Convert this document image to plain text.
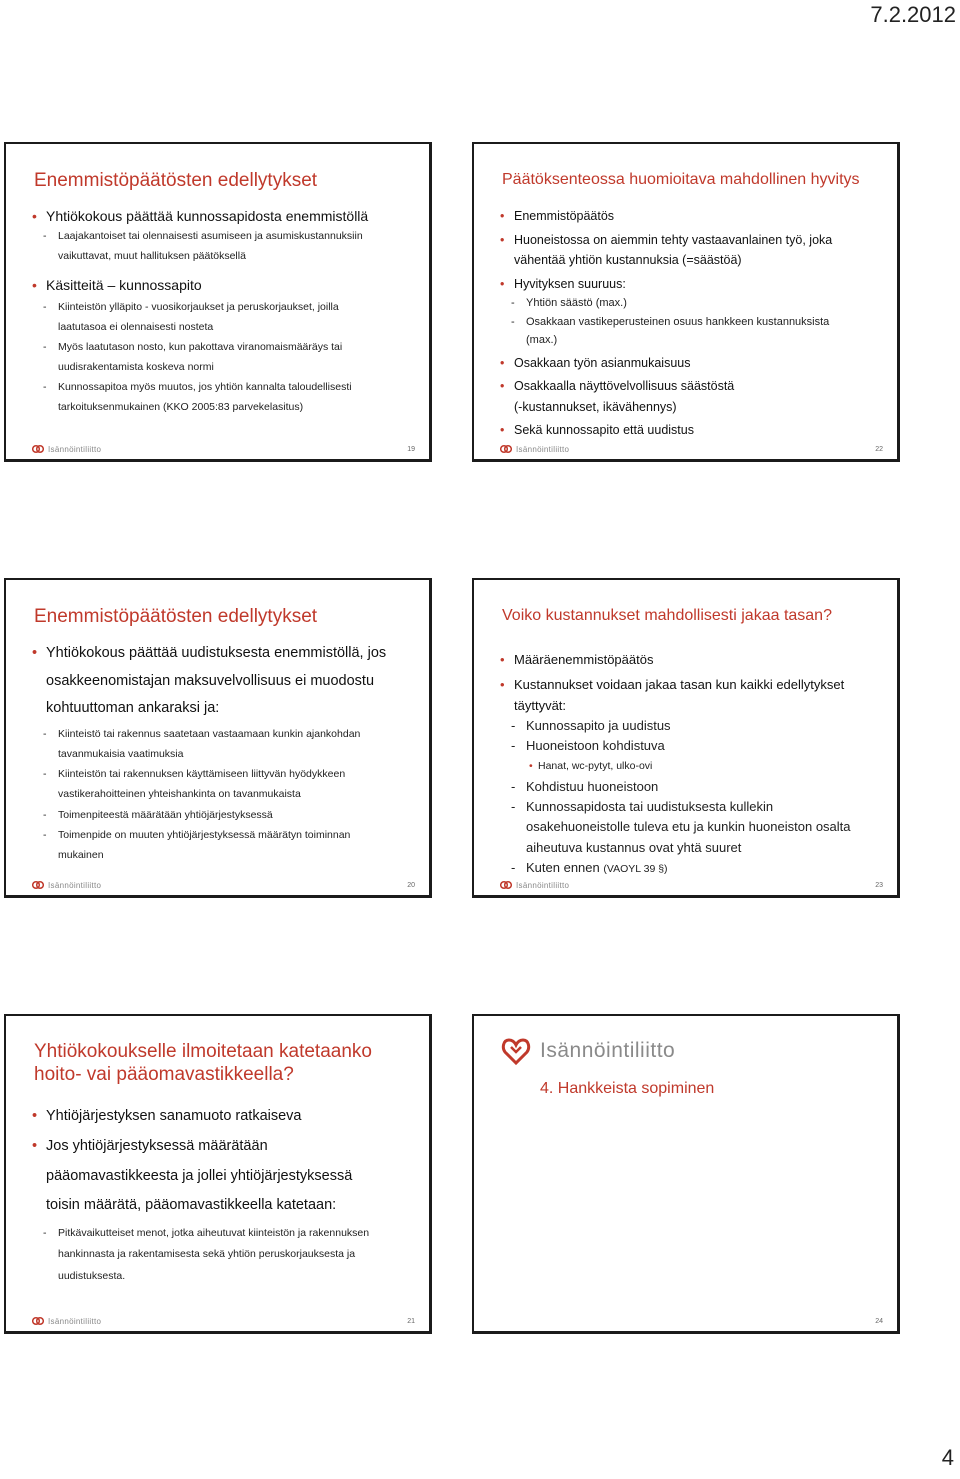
7.2.2012
Enemmistöpäätösten edellytykset
• Yhtiökokous päättää kunnossapidosta enemmistöllä
- Laajakantoiset tai olennaisesti asumiseen ja asumiskustannuksiin
vaikuttavat, muut hallituksen päätöksellä
• Käsitteitä – kunnossapito
- Kiinteistön ylläpito - vuosikorjaukset ja peruskorjaukset, joilla
laatutasoa ei olennaisesti nosteta
- Myös laatutason nosto, kun pakottava viranomaismääräys tai
uudisrakentamista koskeva normi
- Kunnossapitoa myös muutos, jos yhtiön kannalta taloudellisesti
tarkoituksenmukainen (KKO 2005:83 parvekelasitus)
Isännöintiliitto	19
Päätöksenteossa huomioitava mahdollinen hyvitys
• Enemmistöpäätös
• Huoneistossa on aiemmin tehty vastaavanlainen työ, joka
vähentää yhtiön kustannuksia (=säästöä)
• Hyvityksen suuruus:
- Yhtiön säästö (max.)
- Osakkaan vastikeperusteinen osuus hankkeen kustannuksista
(max.)
• Osakkaan työn asianmukaisuus
• Osakkaalla näyttövelvollisuus säästöstä
(-kustannukset, ikävähennys)
• Sekä kunnossapito että uudistus
Isännöintiliitto	22
Enemmistöpäätösten edellytykset
• Yhtiökokous päättää uudistuksesta enemmistöllä, jos
osakkeenomistajan maksuvelvollisuus ei muodostu
kohtuuttoman ankaraksi ja:
- Kiinteistö tai rakennus saatetaan vastaamaan kunkin ajankohdan
tavanmukaisia vaatimuksia
- Kiinteistön tai rakennuksen käyttämiseen liittyvän hyödykkeen
vastikerahoitteinen yhteishankinta on tavanmukaista
- Toimenpiteestä määrätään yhtiöjärjestyksessä
- Toimenpide on muuten yhtiöjärjestyksessä määrätyn toiminnan
mukainen
Isännöintiliitto	20
Voiko kustannukset mahdollisesti jakaa tasan?
• Määräenemmistöpäätös
• Kustannukset voidaan jakaa tasan kun kaikki edellytykset
täyttyvät:
- Kunnossapito ja uudistus
- Huoneistoon kohdistuva
• Hanat, wc-pytyt, ulko-ovi
- Kohdistuu huoneistoon
- Kunnossapidosta tai uudistuksesta kullekin
osakehuoneistolle tuleva etu ja kunkin huoneiston osalta
aiheutuva kustannus ovat yhtä suuret
- Kuten ennen (VAOYL 39 §)
Isännöintiliitto	23
Yhtiökokoukselle ilmoitetaan katetaanko
hoito- vai pääomavastikkeella?
• Yhtiöjärjestyksen sanamuoto ratkaiseva
• Jos yhtiöjärjestyksessä määrätään
pääomavastikkeesta ja jollei yhtiöjärjestyksessä
toisin määrätä, pääomavastikkeella katetaan:
- Pitkävaikutteiset menot, jotka aiheutuvat kiinteistön ja rakennuksen
hankinnasta ja rakentamisesta sekä yhtiön peruskorjauksesta ja
uudistuksesta.
Isännöintiliitto	21
Isännöintiliitto
4. Hankkeista sopiminen
24
4
